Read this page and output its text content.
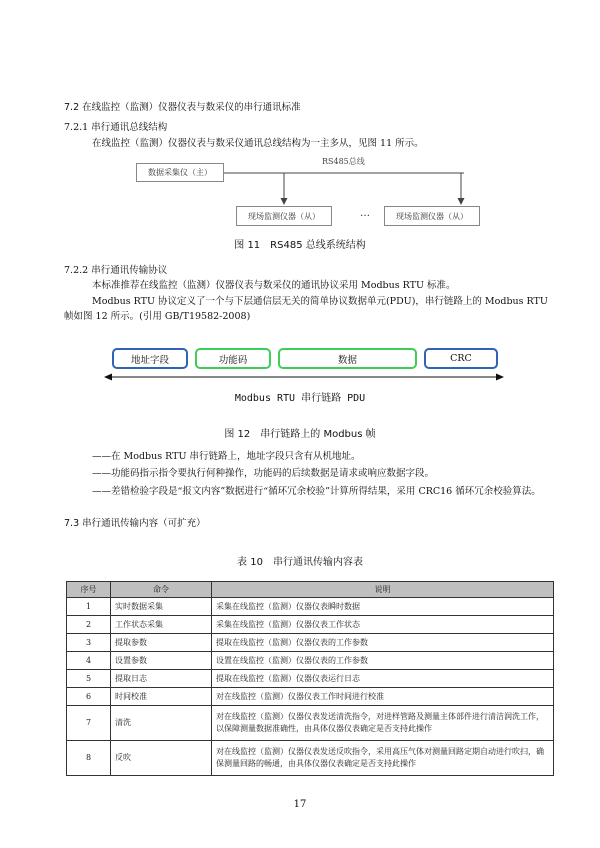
7.2 在线监控（监测）仪器仪表与数采仪的串行通讯标准
7.2.1 串行通讯总线结构
在线监控（监测）仪器仪表与数采仪通讯总线结构为一主多从，见图 11 所示。
数据采集仪（主）
RS485总线
现场监测仪器（从）	…	现场监测仪器（从）
图 11　RS485 总线系统结构
7.2.2 串行通讯传输协议
本标准推荐在线监控（监测）仪器仪表与数采仪的通讯协议采用 Modbus RTU 标准。
Modbus RTU 协议定义了一个与下层通信层无关的简单协议数据单元(PDU)，串行链路上的 Modbus RTU 帧如图 12 所示。(引用 GB/T19582-2008)
地址字段	功能码	数据	CRC
Modbus RTU 串行链路 PDU
图 12　串行链路上的 Modbus 帧
——在 Modbus RTU 串行链路上，地址字段只含有从机地址。
——功能码指示指令要执行何种操作，功能码的后续数据是请求或响应数据字段。
——差错检验字段是“报文内容”数据进行“循环冗余校验”计算所得结果，采用 CRC16 循环冗余校验算法。
7.3 串行通讯传输内容（可扩充）
表 10　串行通讯传输内容表
序号	命令	说明
1	实时数据采集	采集在线监控（监测）仪器仪表瞬时数据
2	工作状态采集	采集在线监控（监测）仪器仪表工作状态
3	提取参数	提取在线监控（监测）仪器仪表的工作参数
4	设置参数	设置在线监控（监测）仪器仪表的工作参数
5	提取日志	提取在线监控（监测）仪器仪表运行日志
6	时间校准	对在线监控（监测）仪器仪表工作时间进行校准
7	清洗	对在线监控（监测）仪器仪表发送清洗指令，对进样管路及测量主体部件进行清洁润洗工作，以保障测量数据准确性，由具体仪器仪表确定是否支持此操作
8	反吹	对在线监控（监测）仪器仪表发送反吹指令，采用高压气体对测量回路定期自动进行吹扫，确保测量回路的畅通，由具体仪器仪表确定是否支持此操作
17
